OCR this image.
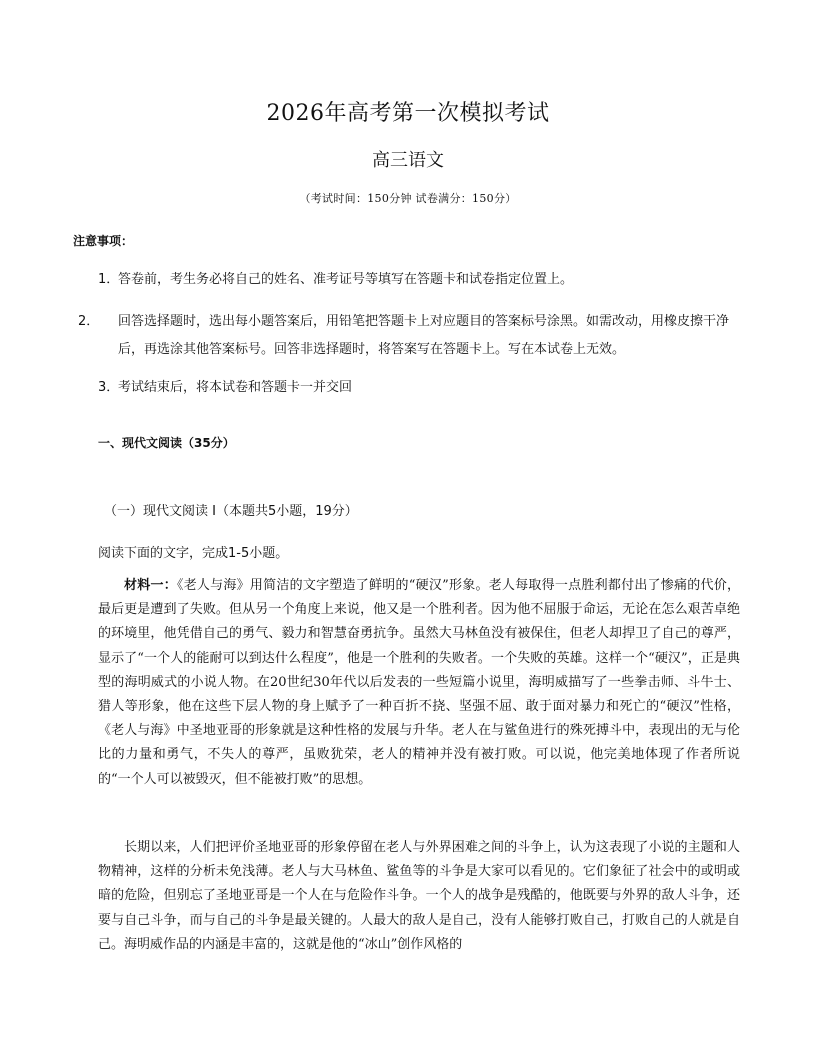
2026年高考第一次模拟考试
高三语文
（考试时间：150分钟 试卷满分：150分）
注意事项：
1．答卷前，考生务必将自己的姓名、准考证号等填写在答题卡和试卷指定位置上。
2． 回答选择题时，选出每小题答案后，用铅笔把答题卡上对应题目的答案标号涂黑。如需改动，用橡皮擦干净后，再选涂其他答案标号。回答非选择题时，将答案写在答题卡上。写在本试卷上无效。
3．考试结束后，将本试卷和答题卡一并交回
一、现代文阅读（35分）
（一）现代文阅读 I（本题共5小题，19分）
阅读下面的文字，完成1-5小题。
材料一：《老人与海》用简洁的文字塑造了鲜明的“硬汉”形象。老人每取得一点胜利都付出了惨痛的代价，最后更是遭到了失败。但从另一个角度上来说，他又是一个胜利者。因为他不屈服于命运，无论在怎么艰苦卓绝的环境里，他凭借自己的勇气、毅力和智慧奋勇抗争。虽然大马林鱼没有被保住，但老人却捍卫了自己的尊严，显示了“一个人的能耐可以到达什么程度”，他是一个胜利的失败者。一个失败的英雄。这样一个“硬汉”，正是典型的海明威式的小说人物。在20世纪30年代以后发表的一些短篇小说里，海明威描写了一些拳击师、斗牛士、猎人等形象，他在这些下层人物的身上赋予了一种百折不挠、坚强不屈、敢于面对暴力和死亡的“硬汉”性格，《老人与海》中圣地亚哥的形象就是这种性格的发展与升华。老人在与鲨鱼进行的殊死搏斗中，表现出的无与伦比的力量和勇气，不失人的尊严，虽败犹荣，老人的精神并没有被打败。可以说，他完美地体现了作者所说的“一个人可以被毁灭，但不能被打败”的思想。
长期以来，人们把评价圣地亚哥的形象停留在老人与外界困难之间的斗争上，认为这表现了小说的主题和人物精神，这样的分析未免浅薄。老人与大马林鱼、鲨鱼等的斗争是大家可以看见的。它们象征了社会中的或明或暗的危险，但别忘了圣地亚哥是一个人在与危险作斗争。一个人的战争是残酷的，他既要与外界的敌人斗争，还要与自己斗争，而与自己的斗争是最关键的。人最大的敌人是自己，没有人能够打败自己，打败自己的人就是自己。海明威作品的内涵是丰富的，这就是他的“冰山”创作风格的
